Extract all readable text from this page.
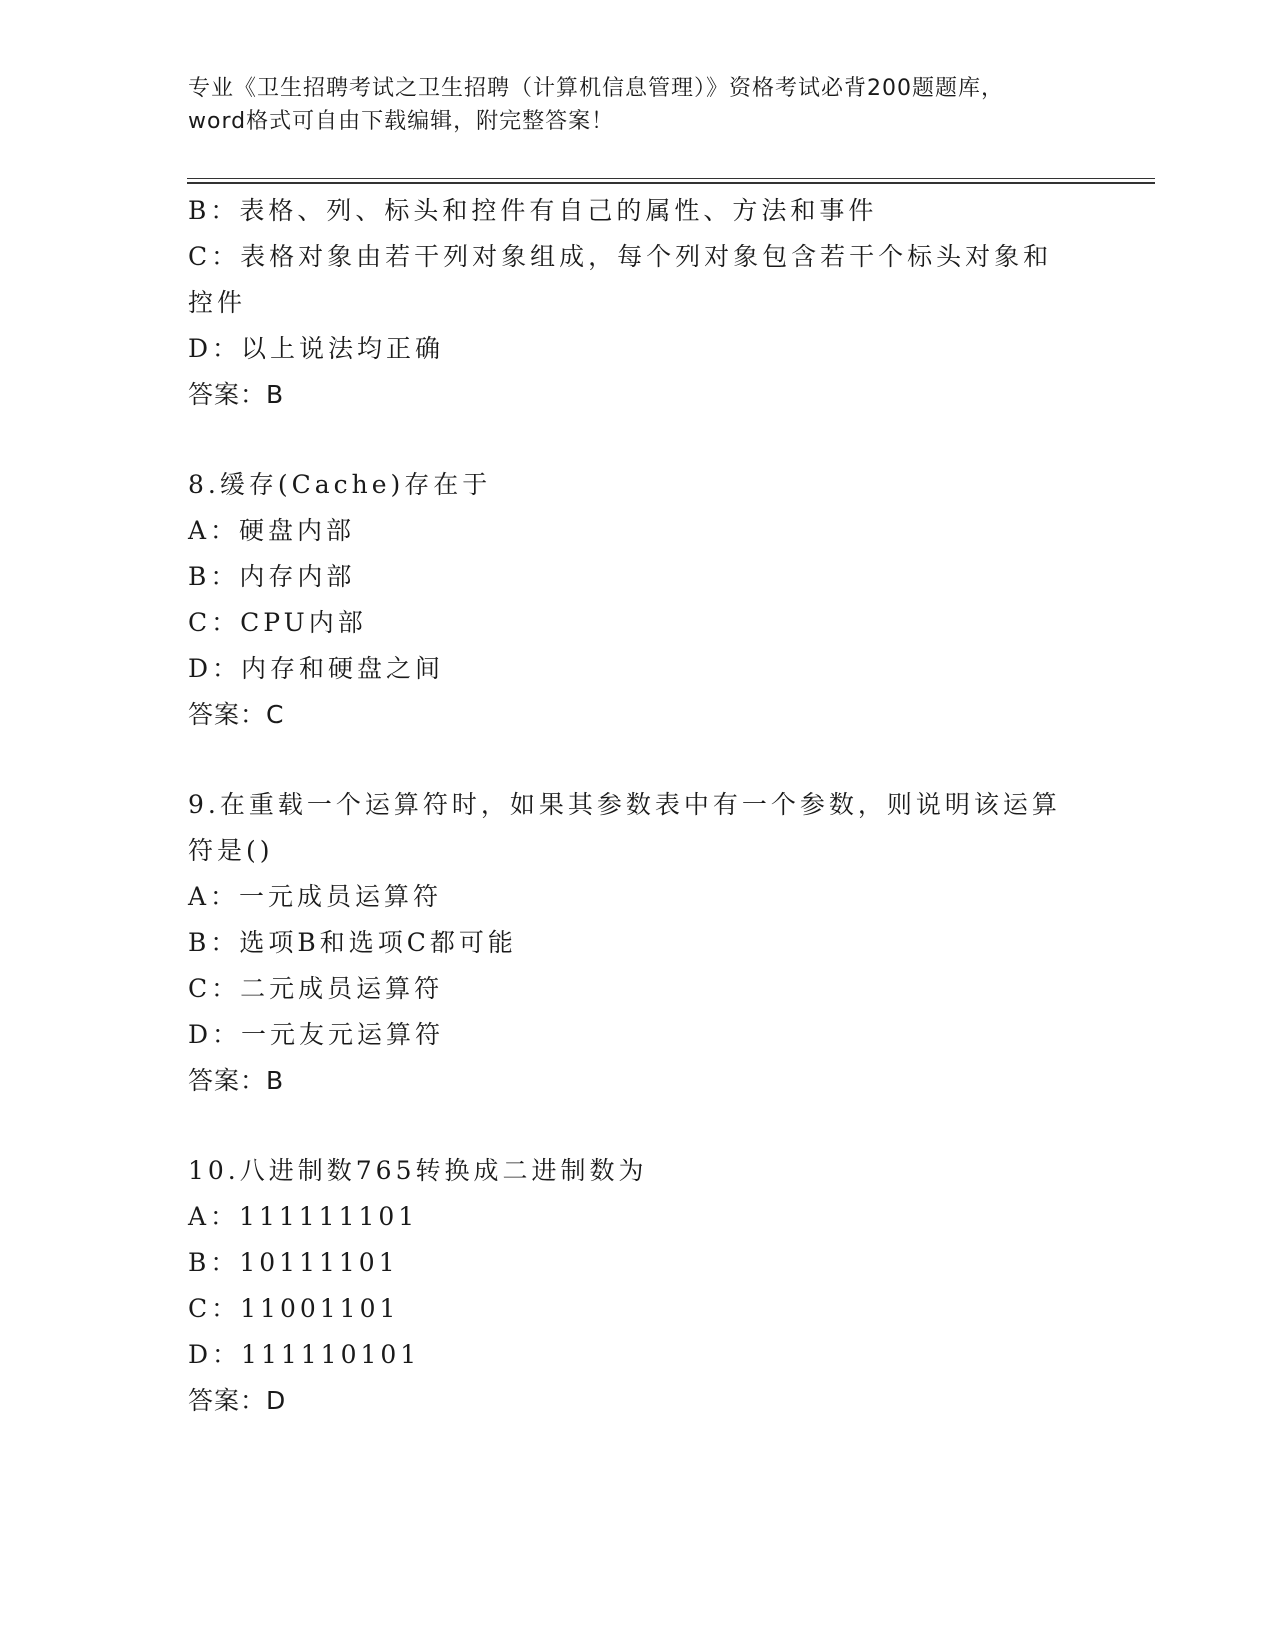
专业《卫生招聘考试之卫生招聘（计算机信息管理）》资格考试必背200题题库，
word格式可自由下载编辑，附完整答案！
B：表格、列、标头和控件有自己的属性、方法和事件
C：表格对象由若干列对象组成，每个列对象包含若干个标头对象和控件
D：以上说法均正确
答案：B
8.缓存(Cache)存在于
A：硬盘内部
B：内存内部
C：CPU内部
D：内存和硬盘之间
答案：C
9.在重载一个运算符时，如果其参数表中有一个参数，则说明该运算符是()
A：一元成员运算符
B：选项B和选项C都可能
C：二元成员运算符
D：一元友元运算符
答案：B
10.八进制数765转换成二进制数为
A：111111101
B：10111101
C：11001101
D：111110101
答案：D
